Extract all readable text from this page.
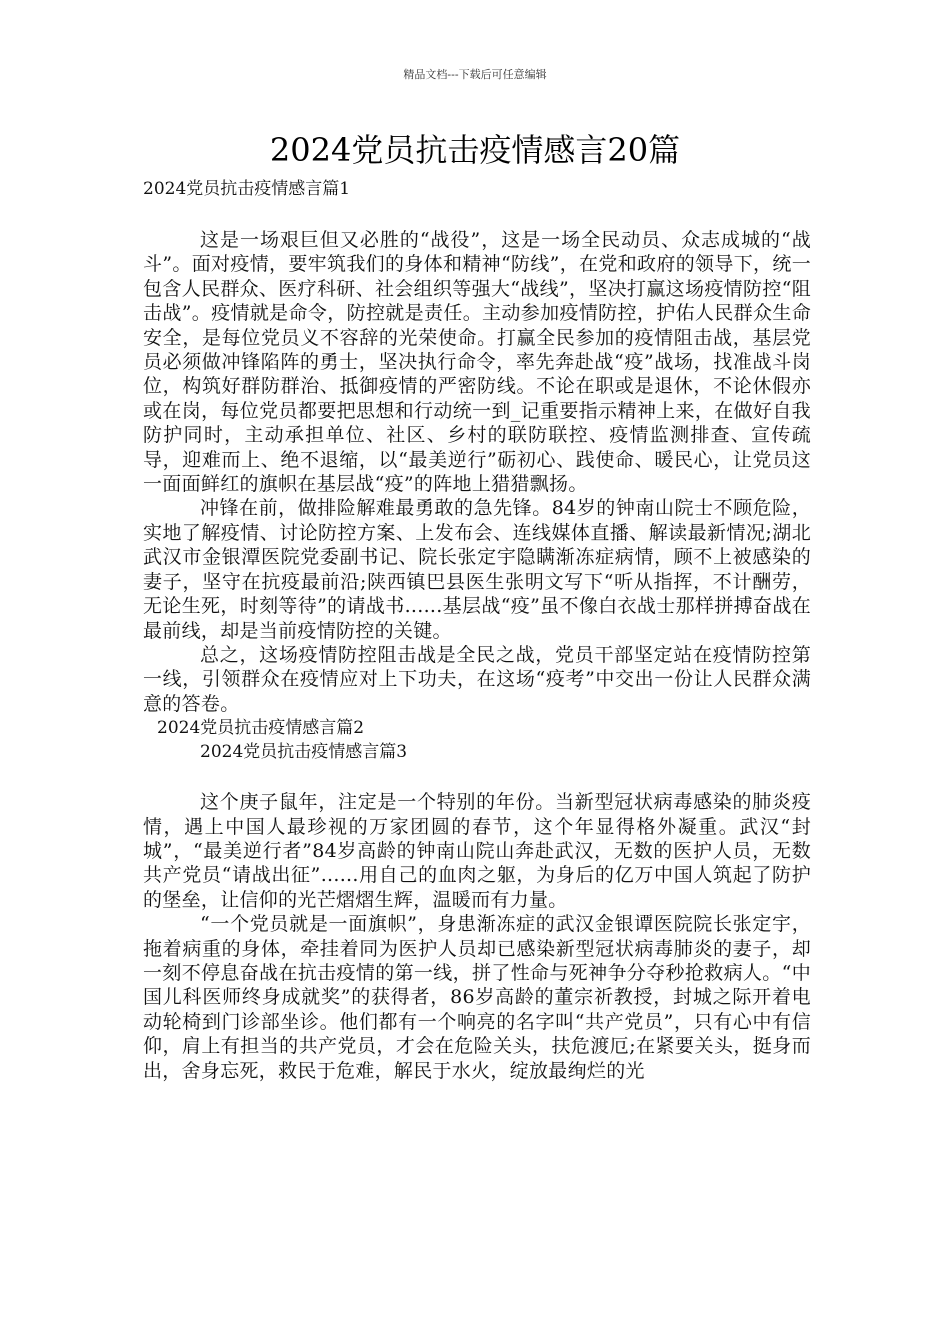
精品文档---下载后可任意编辑
2024党员抗击疫情感言20篇
2024党员抗击疫情感言篇1

这是一场艰巨但又必胜的“战役”，这是一场全民动员、众志成城的“战斗”。面对疫情，要牢筑我们的身体和精神“防线”，在党和政府的领导下，统一包含人民群众、医疗科研、社会组织等强大“战线”，坚决打赢这场疫情防控“阻击战”。疫情就是命令，防控就是责任。主动参加疫情防控，护佑人民群众生命安全，是每位党员义不容辞的光荣使命。打赢全民参加的疫情阻击战，基层党员必须做冲锋陷阵的勇士，坚决执行命令，率先奔赴战“疫”战场，找准战斗岗位，构筑好群防群治、抵御疫情的严密防线。不论在职或是退休，不论休假亦或在岗，每位党员都要把思想和行动统一到_记重要指示精神上来，在做好自我防护同时，主动承担单位、社区、乡村的联防联控、疫情监测排查、宣传疏导，迎难而上、绝不退缩，以“最美逆行”砺初心、践使命、暖民心，让党员这一面面鲜红的旗帜在基层战“疫”的阵地上猎猎飘扬。

冲锋在前，做排险解难最勇敢的急先锋。84岁的钟南山院士不顾危险，实地了解疫情、讨论防控方案、上发布会、连线媒体直播、解读最新情况;湖北武汉市金银潭医院党委副书记、院长张定宇隐瞒渐冻症病情，顾不上被感染的妻子，坚守在抗疫最前沿;陕西镇巴县医生张明文写下“听从指挥，不计酬劳，无论生死，时刻等待”的请战书......基层战“疫”虽不像白衣战士那样拼搏奋战在最前线，却是当前疫情防控的关键。

总之，这场疫情防控阻击战是全民之战，党员干部坚定站在疫情防控第一线，引领群众在疫情应对上下功夫，在这场“疫考”中交出一份让人民群众满意的答卷。

2024党员抗击疫情感言篇2
2024党员抗击疫情感言篇3

这个庚子鼠年，注定是一个特别的年份。当新型冠状病毒感染的肺炎疫情，遇上中国人最珍视的万家团圆的春节，这个年显得格外凝重。武汉“封城”，“最美逆行者”84岁高龄的钟南山院山奔赴武汉，无数的医护人员，无数共产党员“请战出征”......用自己的血肉之躯，为身后的亿万中国人筑起了防护的堡垒，让信仰的光芒熠熠生辉，温暖而有力量。

“一个党员就是一面旗帜”，身患渐冻症的武汉金银谭医院院长张定宇，拖着病重的身体，牵挂着同为医护人员却已感染新型冠状病毒肺炎的妻子，却一刻不停息奋战在抗击疫情的第一线，拼了性命与死神争分夺秒抢救病人。“中国儿科医师终身成就奖”的获得者，86岁高龄的董宗祈教授，封城之际开着电动轮椅到门诊部坐诊。他们都有一个响亮的名字叫“共产党员”，只有心中有信仰，肩上有担当的共产党员，才会在危险关头，扶危渡厄;在紧要关头，挺身而出，舍身忘死，救民于危难，解民于水火，绽放最绚烂的光
